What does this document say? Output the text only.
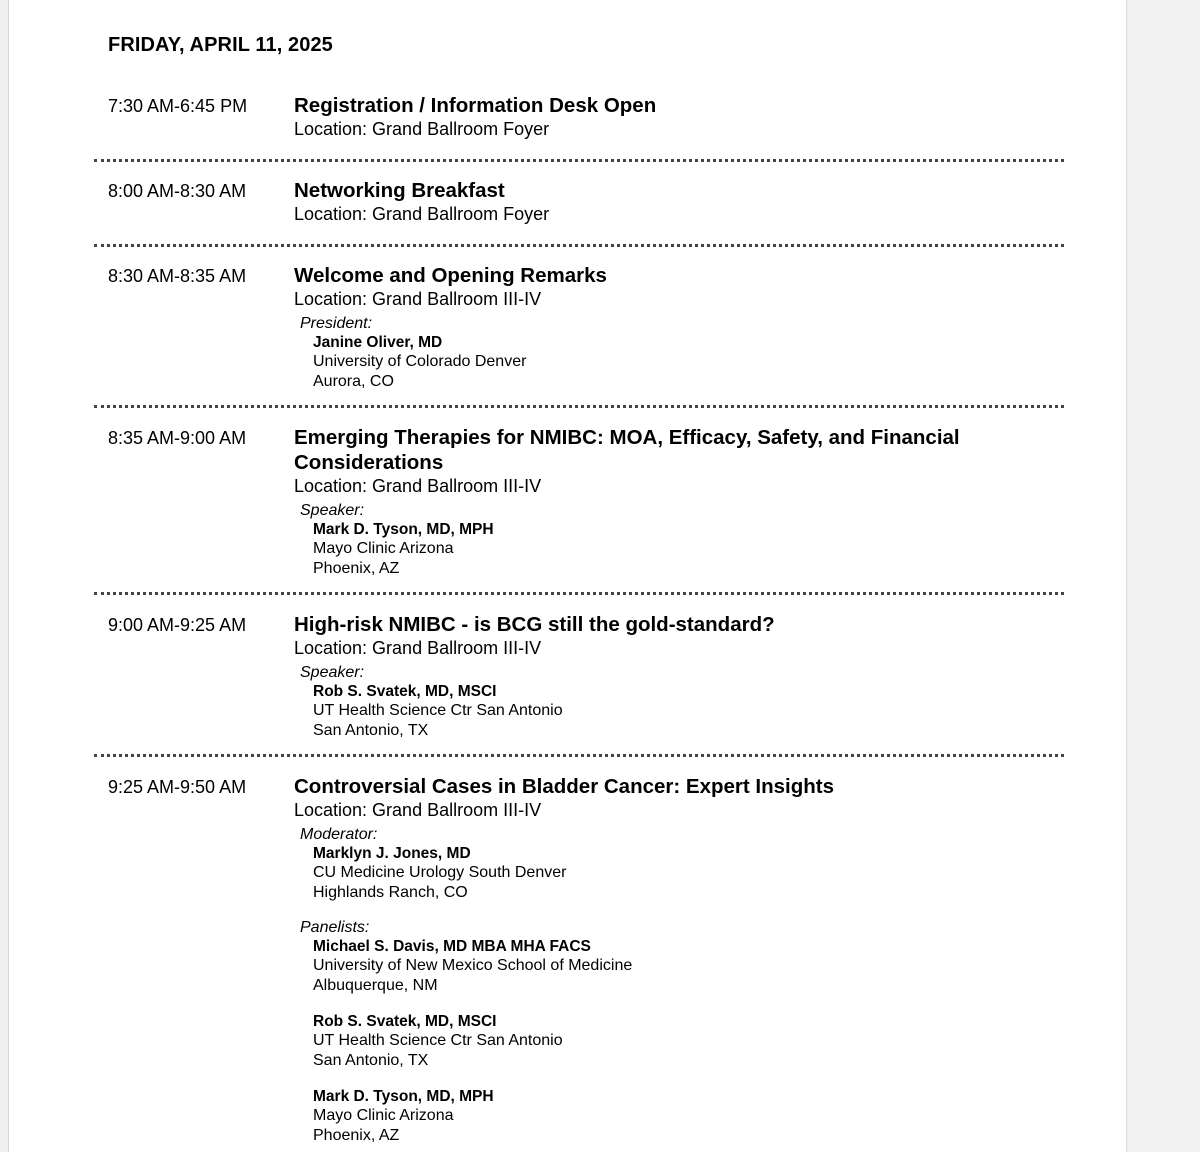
FRIDAY, APRIL 11, 2025
7:30 AM-6:45 PM Registration / Information Desk Open
Location: Grand Ballroom Foyer
8:00 AM-8:30 AM Networking Breakfast
Location: Grand Ballroom Foyer
8:30 AM-8:35 AM Welcome and Opening Remarks
Location: Grand Ballroom III-IV
President:
Janine Oliver, MD
University of Colorado Denver
Aurora, CO
8:35 AM-9:00 AM Emerging Therapies for NMIBC: MOA, Efficacy, Safety, and Financial Considerations
Location: Grand Ballroom III-IV
Speaker:
Mark D. Tyson, MD, MPH
Mayo Clinic Arizona
Phoenix, AZ
9:00 AM-9:25 AM High-risk NMIBC - is BCG still the gold-standard?
Location: Grand Ballroom III-IV
Speaker:
Rob S. Svatek, MD, MSCI
UT Health Science Ctr San Antonio
San Antonio, TX
9:25 AM-9:50 AM Controversial Cases in Bladder Cancer: Expert Insights
Location: Grand Ballroom III-IV
Moderator:
Marklyn J. Jones, MD
CU Medicine Urology South Denver
Highlands Ranch, CO
Panelists:
Michael S. Davis, MD MBA MHA FACS
University of New Mexico School of Medicine
Albuquerque, NM
Rob S. Svatek, MD, MSCI
UT Health Science Ctr San Antonio
San Antonio, TX
Mark D. Tyson, MD, MPH
Mayo Clinic Arizona
Phoenix, AZ
